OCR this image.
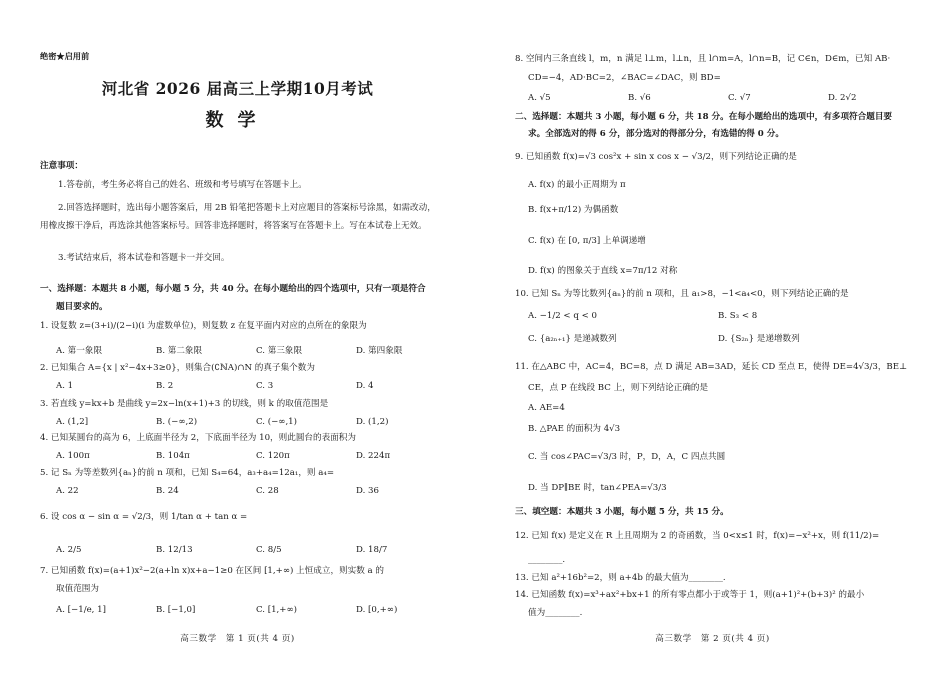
绝密★启用前
河北省 2026 届高三上学期10月考试
数学
注意事项：
1.答卷前，考生务必将自己的姓名、班级和考号填写在答题卡上。
2.回答选择题时，选出每小题答案后，用 2B 铅笔把答题卡上对应题目的答案标号涂黑，如需改动，用橡皮擦干净后，再选涂其他答案标号。回答非选择题时，将答案写在答题卡上。写在本试卷上无效。
3.考试结束后，将本试卷和答题卡一并交回。
一、选择题：本题共 8 小题，每小题 5 分，共 40 分。在每小题给出的四个选项中，只有一项是符合
题目要求的。
1. 设复数 z=(3+i)/(2−i)(i 为虚数单位)，则复数 z 在复平面内对应的点所在的象限为
A. 第一象限	B. 第二象限	C. 第三象限	D. 第四象限
2. 已知集合 A={x | x²−4x+3≥0}，则集合(∁ℕA)∩N 的真子集个数为
A. 1	B. 2	C. 3	D. 4
3. 若直线 y=kx+b 是曲线 y=2x−ln(x+1)+3 的切线，则 k 的取值范围是
A. (1,2]	B. (−∞,2)	C. (−∞,1)	D. (1,2)
4. 已知某圆台的高为 6，上底面半径为 2，下底面半径为 10，则此圆台的表面积为
A. 100π	B. 104π	C. 120π	D. 224π
5. 记 Sₙ 为等差数列{aₙ}的前 n 项和，已知 S₄=64，a₃+a₄=12a₁，则 a₄=
A. 22	B. 24	C. 28	D. 36
6. 设 cos α − sin α = √2/3，则 1/tan α + tan α =
A. 2/5	B. 12/13	C. 8/5	D. 18/7
7. 已知函数 f(x)=(a+1)x²−2(a+ln x)x+a−1≥0 在区间 [1,+∞) 上恒成立，则实数 a 的
取值范围为
A. [−1/e, 1]	B. [−1,0]	C. [1,+∞)	D. [0,+∞)
高三数学　第 1 页(共 4 页)
8. 空间内三条直线 l，m，n 满足 l⊥m，l⊥n，且 l∩m=A，l∩n=B，记 C∈n，D∈m，已知 AB·
CD=−4，AD·BC=2，∠BAC=∠DAC，则 BD=
A. √5	B. √6	C. √7	D. 2√2
二、选择题：本题共 3 小题，每小题 6 分，共 18 分。在每小题给出的选项中，有多项符合题目要
求。全部选对的得 6 分，部分选对的得部分分，有选错的得 0 分。
9. 已知函数 f(x)=√3 cos²x + sin x cos x − √3/2，则下列结论正确的是
A. f(x) 的最小正周期为 π
B. f(x+π/12) 为偶函数
C. f(x) 在 [0, π/3] 上单调递增
D. f(x) 的图象关于直线 x=7π/12 对称
10. 已知 Sₙ 为等比数列{aₙ}的前 n 项和，且 a₁>8，−1<a₄<0，则下列结论正确的是
A. −1/2 < q < 0	B. S₃ < 8
C. {a₂ₙ₊₁} 是递减数列	D. {S₂ₙ} 是递增数列
11. 在△ABC 中，AC=4，BC=8，点 D 满足 AB=3AD，延长 CD 至点 E，使得 DE=4√3/3，BE⊥
CE，点 P 在线段 BC 上，则下列结论正确的是
A. AE=4
B. △PAE 的面积为 4√3
C. 当 cos∠PAC=√3/3 时，P，D，A，C 四点共圆
D. 当 DP∥BE 时，tan∠PEA=√3/3
三、填空题：本题共 3 小题，每小题 5 分，共 15 分。
12. 已知 f(x) 是定义在 R 上且周期为 2 的奇函数，当 0<x≤1 时，f(x)=−x²+x，则 f(11/2)=
________.
13. 已知 a²+16b²=2，则 a+4b 的最大值为________.
14. 已知函数 f(x)=x³+ax²+bx+1 的所有零点都小于或等于 1，则(a+1)²+(b+3)² 的最小
值为________.
高三数学　第 2 页(共 4 页)
